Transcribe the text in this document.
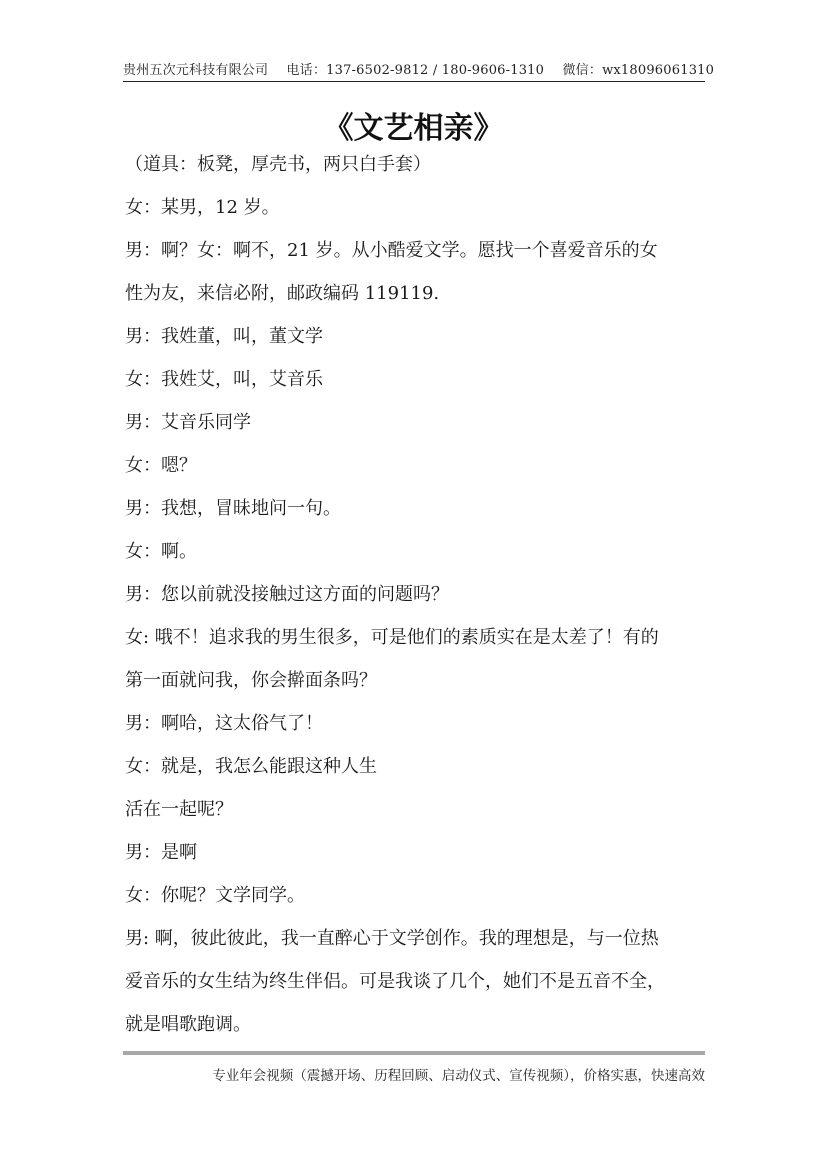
贵州五次元科技有限公司 电话：137-6502-9812 / 180-9606-1310 微信：wx18096061310
《文艺相亲》
（道具：板凳，厚壳书，两只白手套）
女：某男，12 岁。
男：啊？女：啊不，21 岁。从小酷爱文学。愿找一个喜爱音乐的女
性为友，来信必附，邮政编码 119119.
男：我姓董，叫，董文学
女：我姓艾，叫，艾音乐
男：艾音乐同学
女：嗯？
男：我想，冒昧地问一句。
女：啊。
男：您以前就没接触过这方面的问题吗？
女: 哦不！追求我的男生很多，可是他们的素质实在是太差了！有的
第一面就问我，你会擀面条吗？
男：啊哈，这太俗气了！
女：就是，我怎么能跟这种人生
活在一起呢？
男：是啊
女：你呢？文学同学。
男: 啊，彼此彼此，我一直醉心于文学创作。我的理想是，与一位热
爱音乐的女生结为终生伴侣。可是我谈了几个，她们不是五音不全，
就是唱歌跑调。
专业年会视频（震撼开场、历程回顾、启动仪式、宣传视频），价格实惠，快速高效
